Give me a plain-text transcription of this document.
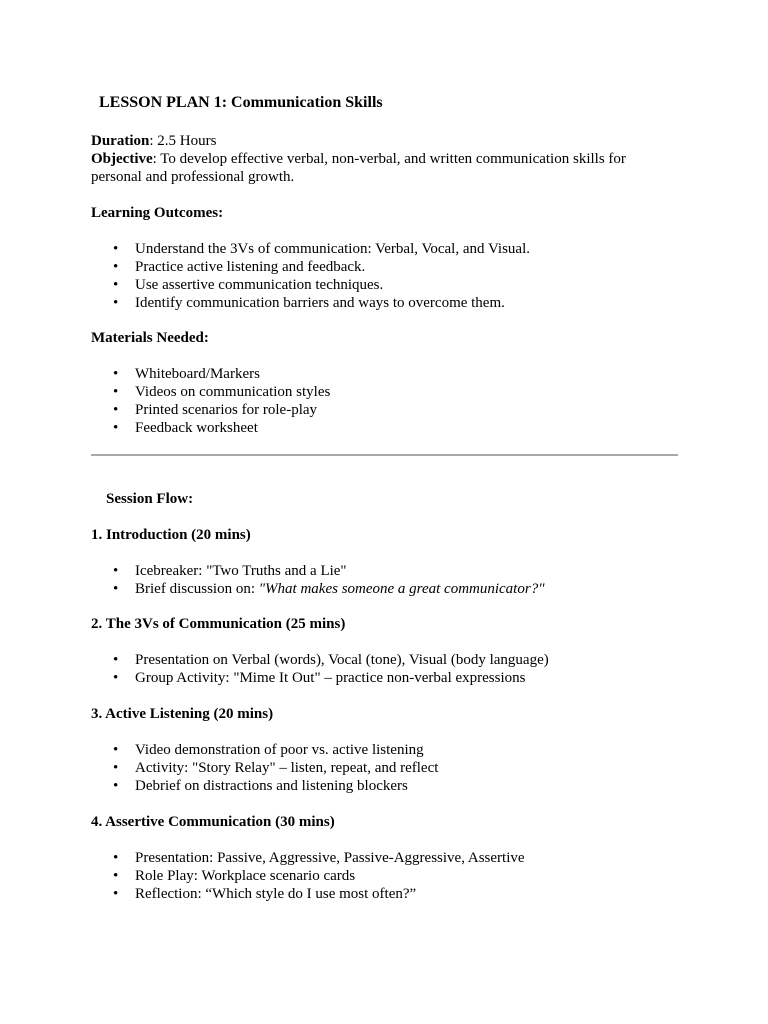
LESSON PLAN 1: Communication Skills
Duration: 2.5 Hours
Objective: To develop effective verbal, non-verbal, and written communication skills for
personal and professional growth.
Learning Outcomes:
• Understand the 3Vs of communication: Verbal, Vocal, and Visual.
• Practice active listening and feedback.
• Use assertive communication techniques.
• Identify communication barriers and ways to overcome them.
Materials Needed:
• Whiteboard/Markers
• Videos on communication styles
• Printed scenarios for role-play
• Feedback worksheet
Session Flow:
1. Introduction (20 mins)
• Icebreaker: "Two Truths and a Lie"
• Brief discussion on: "What makes someone a great communicator?"
2. The 3Vs of Communication (25 mins)
• Presentation on Verbal (words), Vocal (tone), Visual (body language)
• Group Activity: "Mime It Out" – practice non-verbal expressions
3. Active Listening (20 mins)
• Video demonstration of poor vs. active listening
• Activity: "Story Relay" – listen, repeat, and reflect
• Debrief on distractions and listening blockers
4. Assertive Communication (30 mins)
• Presentation: Passive, Aggressive, Passive-Aggressive, Assertive
• Role Play: Workplace scenario cards
• Reflection: “Which style do I use most often?”
